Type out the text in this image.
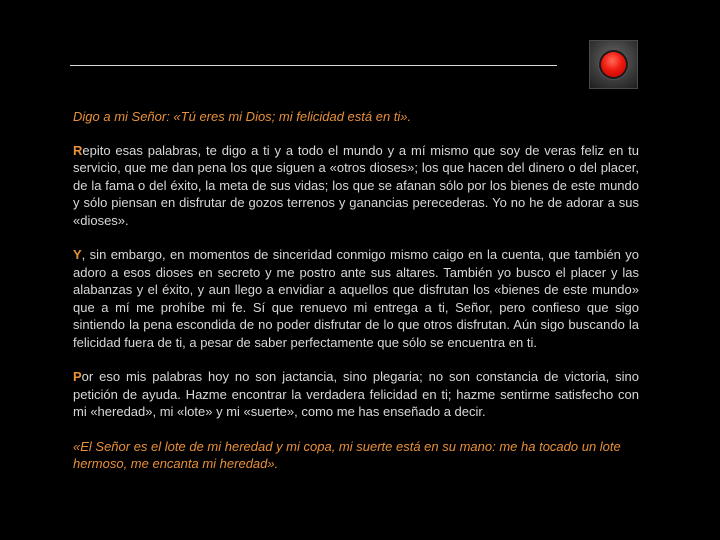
Digo a mi Señor: «Tú eres mi Dios; mi felicidad está en ti».

Repito esas palabras, te digo a ti y a todo el mundo y a mí mismo que soy de veras feliz en tu servicio, que me dan pena los que siguen a «otros dioses»; los que hacen del dinero o del placer, de la fama o del éxito, la meta de sus vidas; los que se afanan sólo por los bienes de este mundo y sólo piensan en disfrutar de gozos terrenos y ganancias perecederas. Yo no he de adorar a sus «dioses».

Y, sin embargo, en momentos de sinceridad conmigo mismo caigo en la cuenta, que también yo adoro a esos dioses en secreto y me postro ante sus altares. También yo busco el placer y las alabanzas y el éxito, y aun llego a envidiar a aquellos que disfrutan los «bienes de este mundo» que a mí me prohíbe mi fe. Sí que renuevo mi entrega a ti, Señor, pero confieso que sigo sintiendo la pena escondida de no poder disfrutar de lo que otros disfrutan. Aún sigo buscando la felicidad fuera de ti, a pesar de saber perfectamente que sólo se encuentra en ti.

Por eso mis palabras hoy no son jactancia, sino plegaria; no son constancia de victoria, sino petición de ayuda. Hazme encontrar la verdadera felicidad en ti; hazme sentirme satisfecho con mi «heredad», mi «lote» y mi «suerte», como me has enseñado a decir.

«El Señor es el lote de mi heredad y mi copa, mi suerte está en su mano: me ha tocado un lote hermoso, me encanta mi heredad».
